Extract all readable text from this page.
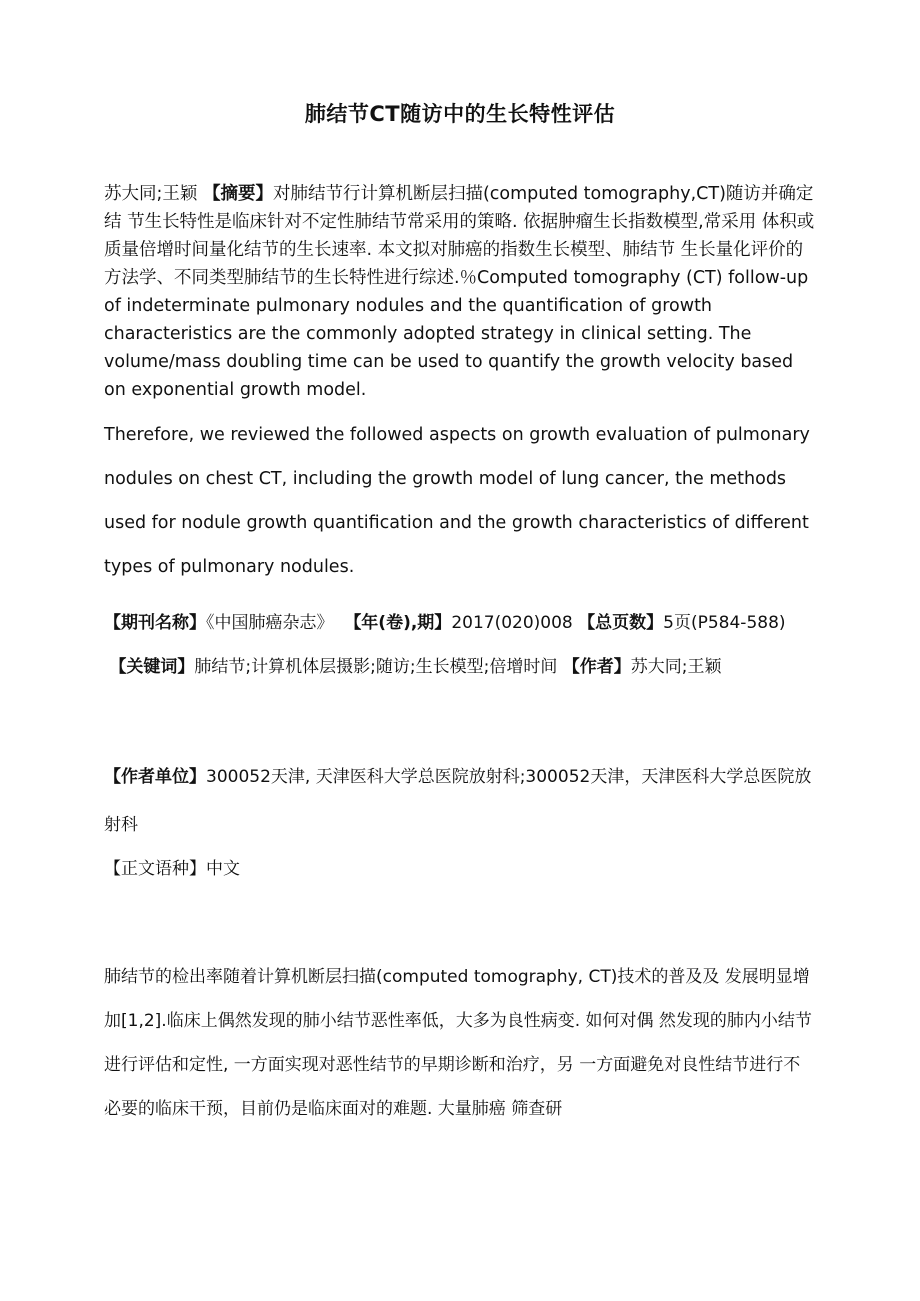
肺结节CT随访中的生长特性评估
苏大同;王颖 【摘要】对肺结节行计算机断层扫描(computed tomography,CT)随访并确定结 节生长特性是临床针对不定性肺结节常采用的策略. 依据肿瘤生长指数模型,常采用 体积或质量倍增时间量化结节的生长速率. 本文拟对肺癌的指数生长模型、肺结节 生长量化评价的方法学、不同类型肺结节的生长特性进行综述.％Computed tomography (CT) follow-up of indeterminate pulmonary nodules and the quantification of growth characteristics are the commonly adopted strategy in clinical setting. The volume/mass doubling time can be used to quantify the growth velocity based on exponential growth model.
Therefore, we reviewed the followed aspects on growth evaluation of pulmonary nodules on chest CT, including the growth model of lung cancer, the methods used for nodule growth quantification and the growth characteristics of different types of pulmonary nodules.
【期刊名称】《中国肺癌杂志》 【年(卷),期】2017(020)008 【总页数】5页(P584-588) 【关键词】肺结节;计算机体层摄影;随访;生长模型;倍增时间 【作者】苏大同;王颖
【作者单位】300052天津, 天津医科大学总医院放射科;300052天津，天津医科大学总医院放射科
【正文语种】中文
肺结节的检出率随着计算机断层扫描(computed tomography, CT)技术的普及及 发展明显增加[1,2].临床上偶然发现的肺小结节恶性率低，大多为良性病变. 如何对偶 然发现的肺内小结节进行评估和定性, 一方面实现对恶性结节的早期诊断和治疗，另 一方面避免对良性结节进行不必要的临床干预，目前仍是临床面对的难题. 大量肺癌 筛查研
